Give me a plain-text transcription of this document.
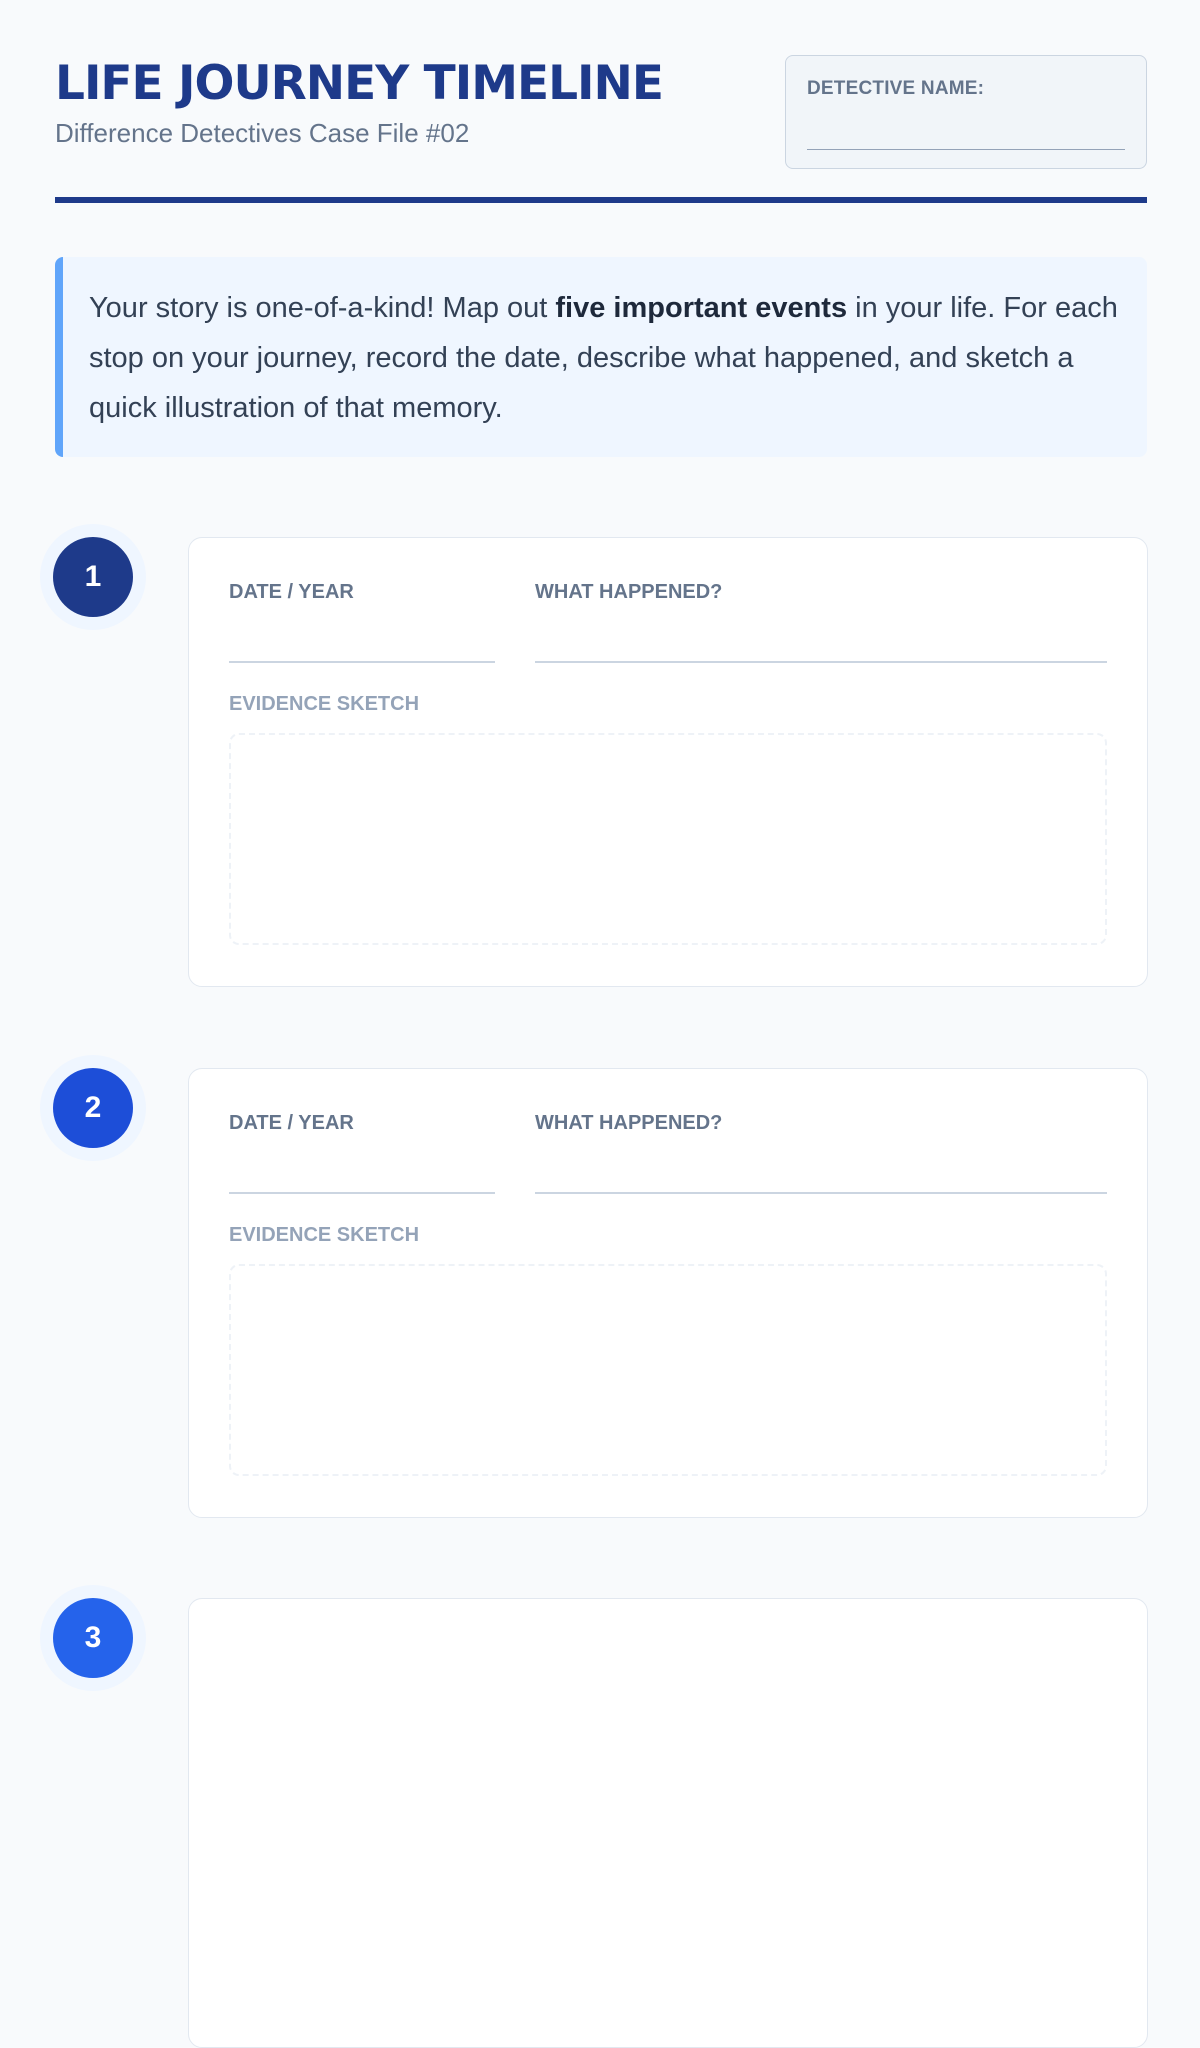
LIFE JOURNEY TIMELINE
Difference Detectives Case File #02
DETECTIVE NAME:
Your story is one-of-a-kind! Map out five important events in your life. For each stop on your journey, record the date, describe what happened, and sketch a quick illustration of that memory.
1	DATE / YEAR	WHAT HAPPENED?
EVIDENCE SKETCH
2	DATE / YEAR	WHAT HAPPENED?
EVIDENCE SKETCH
3
